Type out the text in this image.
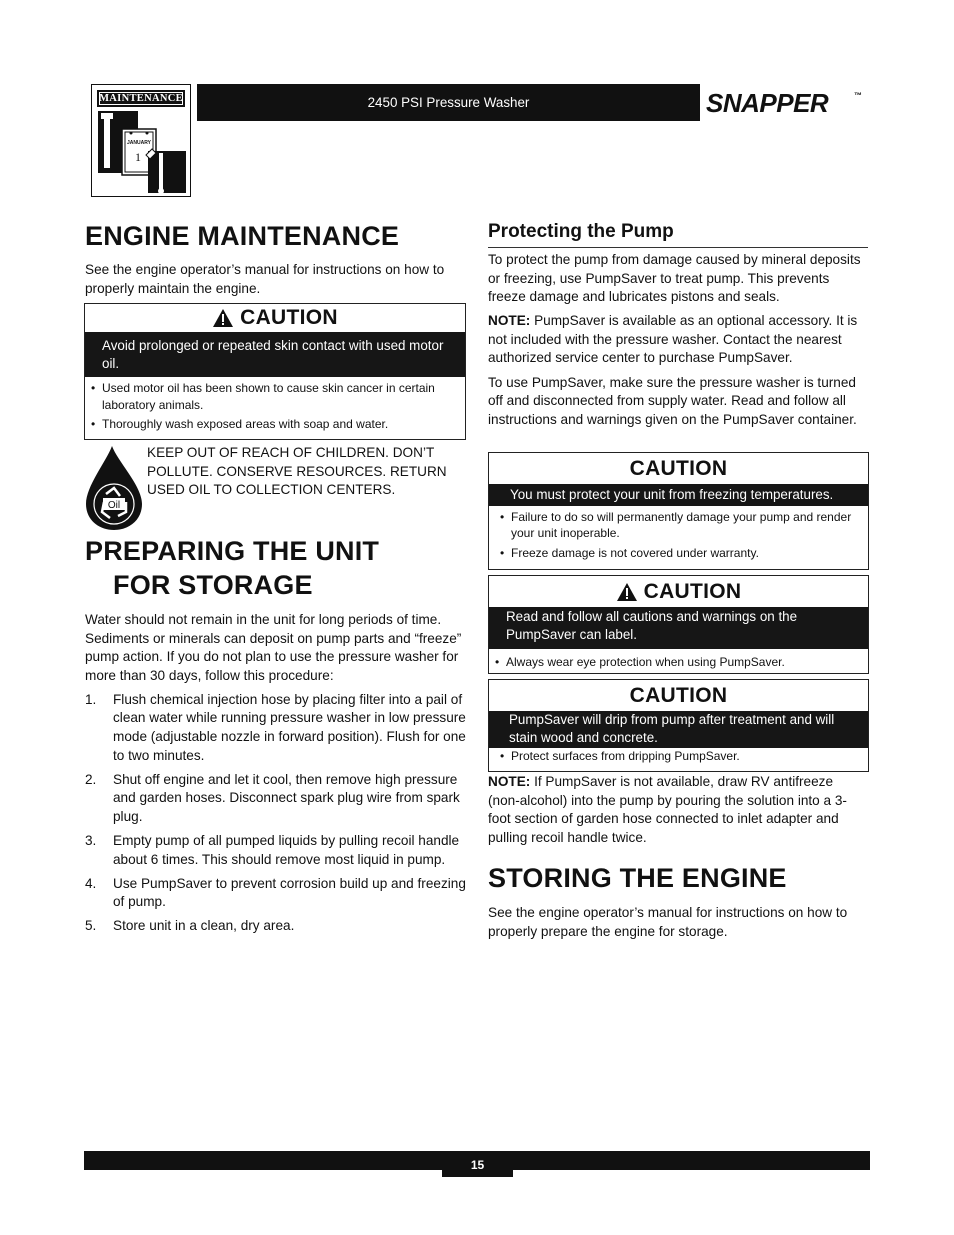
MAINTENANCE
JANUARY
1
2450 PSI Pressure Washer	SNAPPER	™
ENGINE MAINTENANCE
See the engine operator’s manual for instructions on how to properly maintain the engine.
CAUTION
Avoid prolonged or repeated skin contact with used motor oil.
• Used motor oil has been shown to cause skin cancer in certain laboratory animals.
• Thoroughly wash exposed areas with soap and water.
Oil
KEEP OUT OF REACH OF CHILDREN. DON’T POLLUTE. CONSERVE RESOURCES. RETURN USED OIL TO COLLECTION CENTERS.
PREPARING THE UNIT
FOR STORAGE

Water should not remain in the unit for long periods of time. Sediments or minerals can deposit on pump parts and “freeze” pump action. If you do not plan to use the pressure washer for more than 30 days, follow this procedure:

1.	Flush chemical injection hose by placing filter into a pail of clean water while running pressure washer in low pressure mode (adjustable nozzle in forward position). Flush for one to two minutes.
2.	Shut off engine and let it cool, then remove high pressure and garden hoses. Disconnect spark plug wire from spark plug.
3.	Empty pump of all pumped liquids by pulling recoil handle about 6 times. This should remove most liquid in pump.
4.	Use PumpSaver to prevent corrosion build up and freezing of pump.
5.	Store unit in a clean, dry area.
Protecting the Pump

To protect the pump from damage caused by mineral deposits or freezing, use PumpSaver to treat pump. This prevents freeze damage and lubricates pistons and seals.

NOTE: PumpSaver is available as an optional accessory. It is not included with the pressure washer. Contact the nearest authorized service center to purchase PumpSaver.

To use PumpSaver, make sure the pressure washer is turned off and disconnected from supply water. Read and follow all instructions and warnings given on the PumpSaver container.

CAUTION
You must protect your unit from freezing temperatures.
• Failure to do so will permanently damage your pump and render your unit inoperable.
• Freeze damage is not covered under warranty.
CAUTION
Read and follow all cautions and warnings on the PumpSaver can label.
• Always wear eye protection when using PumpSaver.
CAUTION
PumpSaver will drip from pump after treatment and will stain wood and concrete.
• Protect surfaces from dripping PumpSaver.
NOTE: If PumpSaver is not available, draw RV antifreeze (non-alcohol) into the pump by pouring the solution into a 3-foot section of garden hose connected to inlet adapter and pulling recoil handle twice.
STORING THE ENGINE
See the engine operator’s manual for instructions on how to properly prepare the engine for storage.
15
